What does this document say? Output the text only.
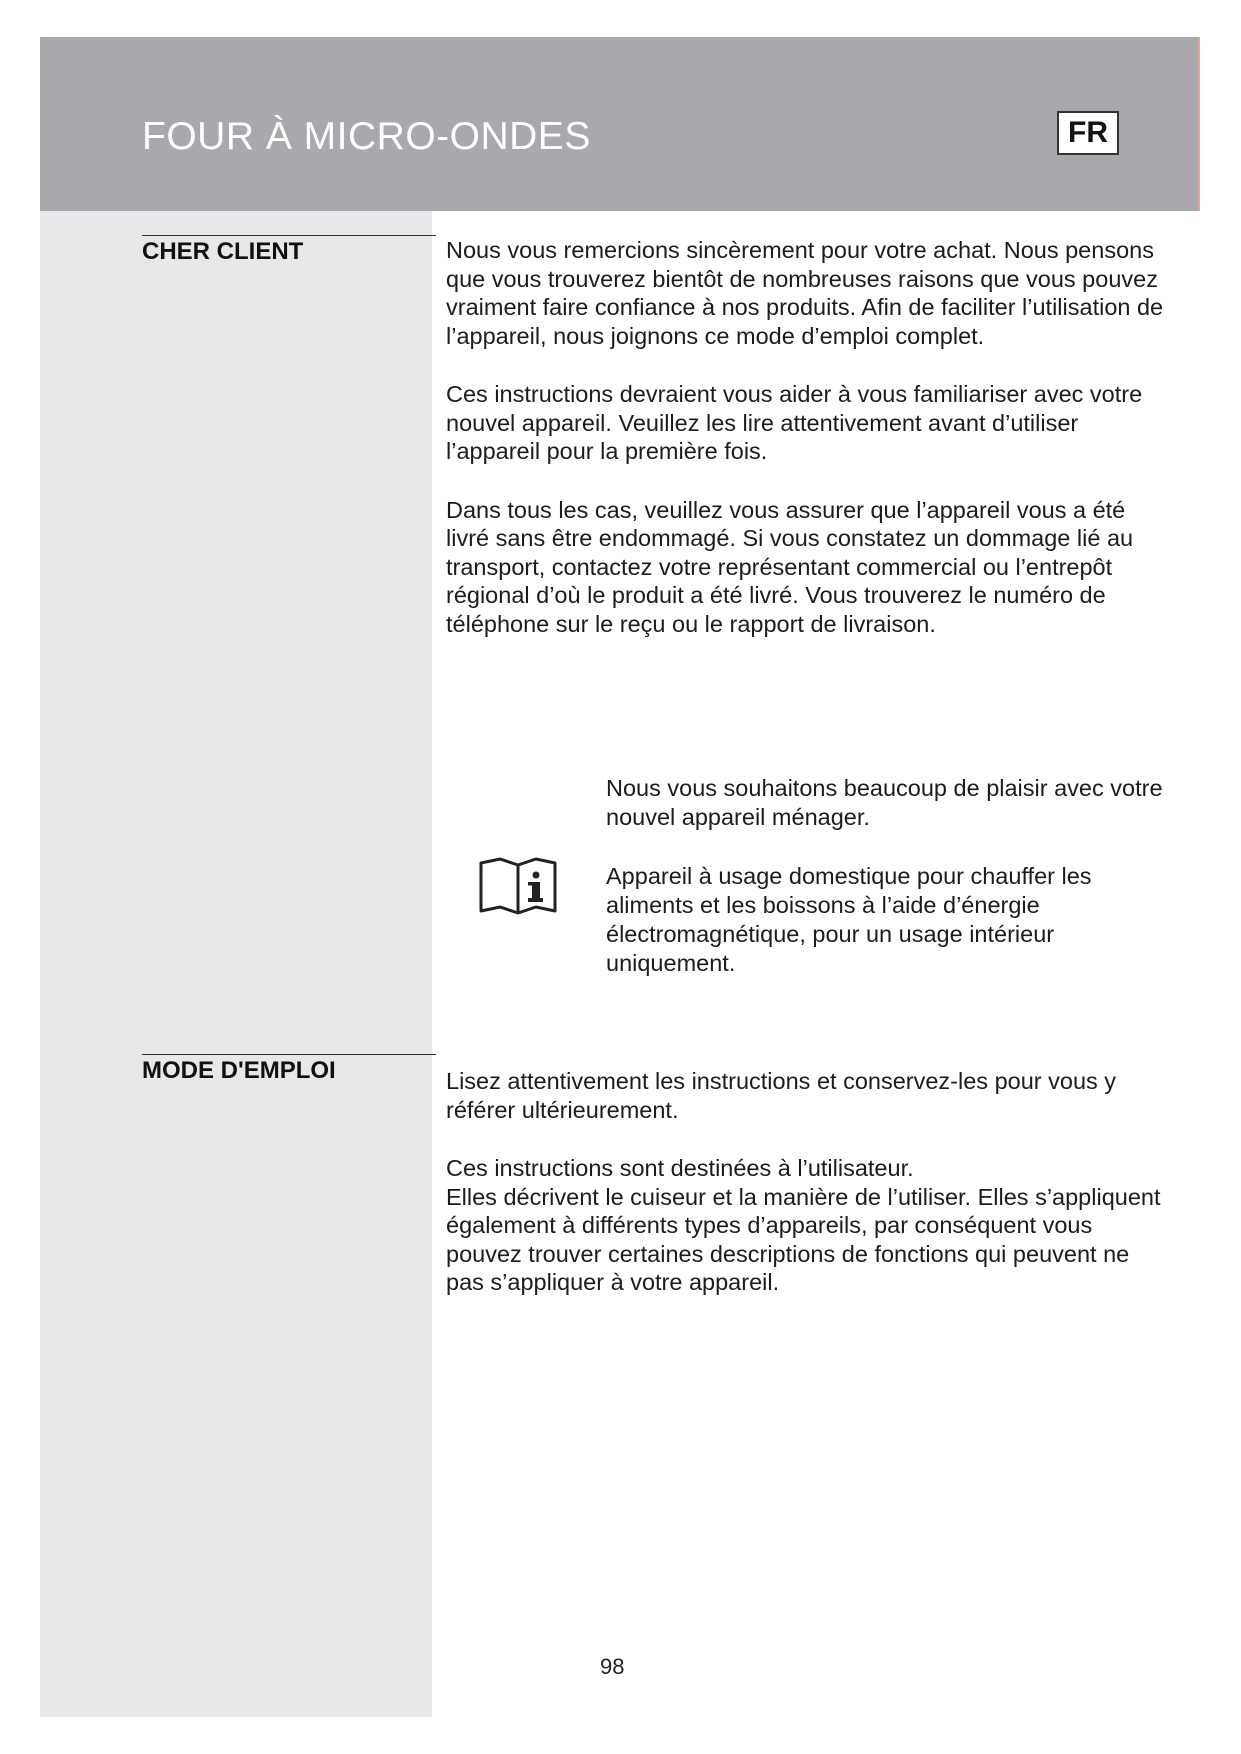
FOUR À MICRO-ONDES	FR
CHER CLIENT	Nous vous remercions sincèrement pour votre achat. Nous pensons que vous trouverez bientôt de nombreuses raisons que vous pouvez vraiment faire confiance à nos produits. Afin de faciliter l’utilisation de l’appareil, nous joignons ce mode d’emploi complet.

Ces instructions devraient vous aider à vous familiariser avec votre nouvel appareil. Veuillez les lire attentivement avant d’utiliser l’appareil pour la première fois.

Dans tous les cas, veuillez vous assurer que l’appareil vous a été livré sans être endommagé. Si vous constatez un dommage lié au transport, contactez votre représentant commercial ou l’entrepôt régional d’où le produit a été livré. Vous trouverez le numéro de téléphone sur le reçu ou le rapport de livraison.

Nous vous souhaitons beaucoup de plaisir avec votre nouvel appareil ménager.

Appareil à usage domestique pour chauffer les aliments et les boissons à l’aide d’énergie électromagnétique, pour un usage intérieur uniquement.

MODE D'EMPLOI	Lisez attentivement les instructions et conservez-les pour vous y référer ultérieurement.

Ces instructions sont destinées à l’utilisateur.

Elles décrivent le cuiseur et la manière de l’utiliser. Elles s’appliquent également à différents types d’appareils, par conséquent vous pouvez trouver certaines descriptions de fonctions qui peuvent ne pas s’appliquer à votre appareil.

98
